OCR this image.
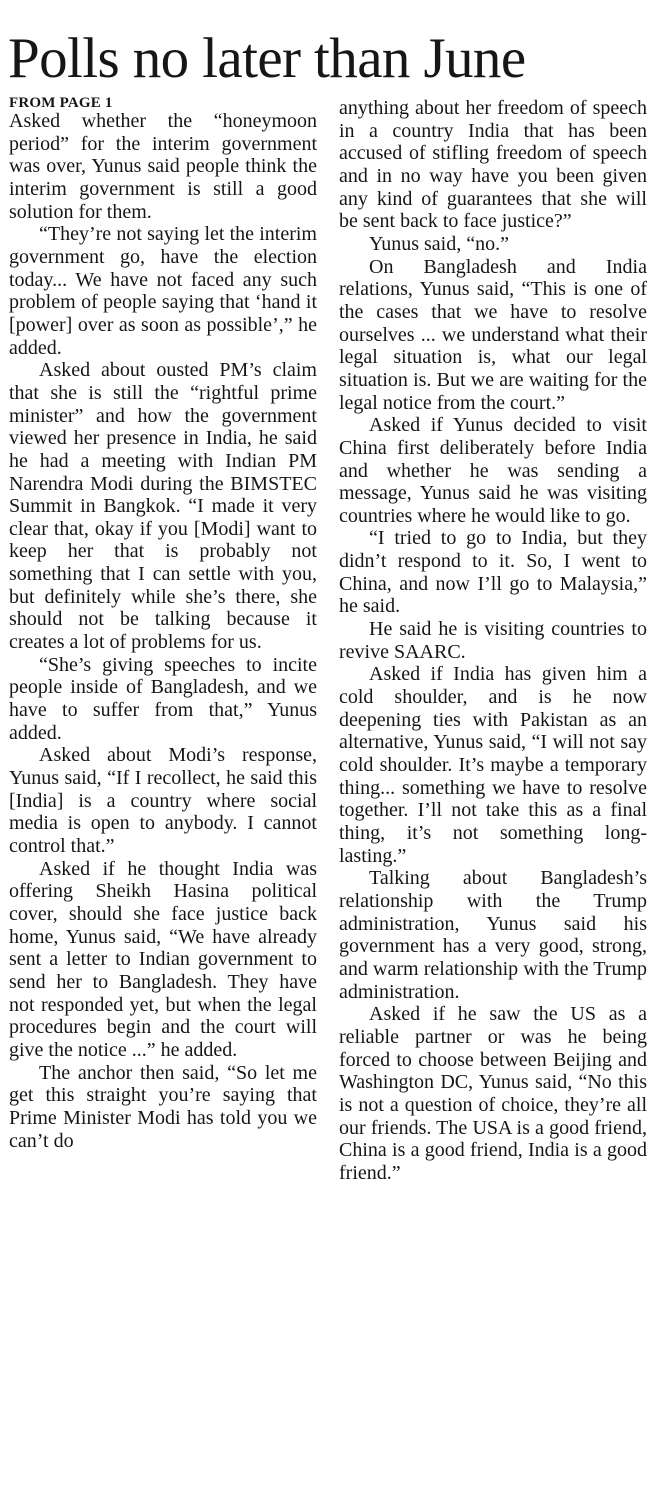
Polls no later than June
FROM PAGE 1

Asked whether the “honeymoon period” for the interim government was over, Yunus said people think the interim government is still a good solution for them.

“They’re not saying let the interim government go, have the election today... We have not faced any such problem of people saying that ‘hand it [power] over as soon as possible’,” he added.

Asked about ousted PM’s claim that she is still the “rightful prime minister” and how the government viewed her presence in India, he said he had a meeting with Indian PM Narendra Modi during the BIMSTEC Summit in Bangkok. “I made it very clear that, okay if you [Modi] want to keep her that is probably not something that I can settle with you, but definitely while she’s there, she should not be talking because it creates a lot of problems for us.

“She’s giving speeches to incite people inside of Bangladesh, and we have to suffer from that,” Yunus added.

Asked about Modi’s response, Yunus said, “If I recollect, he said this [India] is a country where social media is open to anybody. I cannot control that.”

Asked if he thought India was offering Sheikh Hasina political cover, should she face justice back home, Yunus said, “We have already sent a letter to Indian government to send her to Bangladesh. They have not responded yet, but when the legal procedures begin and the court will give the notice ...” he added.

The anchor then said, “So let me get this straight you’re saying that Prime Minister Modi has told you we can’t do

anything about her freedom of speech in a country India that has been accused of stifling freedom of speech and in no way have you been given any kind of guarantees that she will be sent back to face justice?”

Yunus said, “no.”

On Bangladesh and India relations, Yunus said, “This is one of the cases that we have to resolve ourselves ... we understand what their legal situation is, what our legal situation is. But we are waiting for the legal notice from the court.”

Asked if Yunus decided to visit China first deliberately before India and whether he was sending a message, Yunus said he was visiting countries where he would like to go.

“I tried to go to India, but they didn’t respond to it. So, I went to China, and now I’ll go to Malaysia,” he said.

He said he is visiting countries to revive SAARC.

Asked if India has given him a cold shoulder, and is he now deepening ties with Pakistan as an alternative, Yunus said, “I will not say cold shoulder. It’s maybe a temporary thing... something we have to resolve together. I’ll not take this as a final thing, it’s not something long-lasting.”

Talking about Bangladesh’s relationship with the Trump administration, Yunus said his government has a very good, strong, and warm relationship with the Trump administration.

Asked if he saw the US as a reliable partner or was he being forced to choose between Beijing and Washington DC, Yunus said, “No this is not a question of choice, they’re all our friends. The USA is a good friend, China is a good friend, India is a good friend.”
